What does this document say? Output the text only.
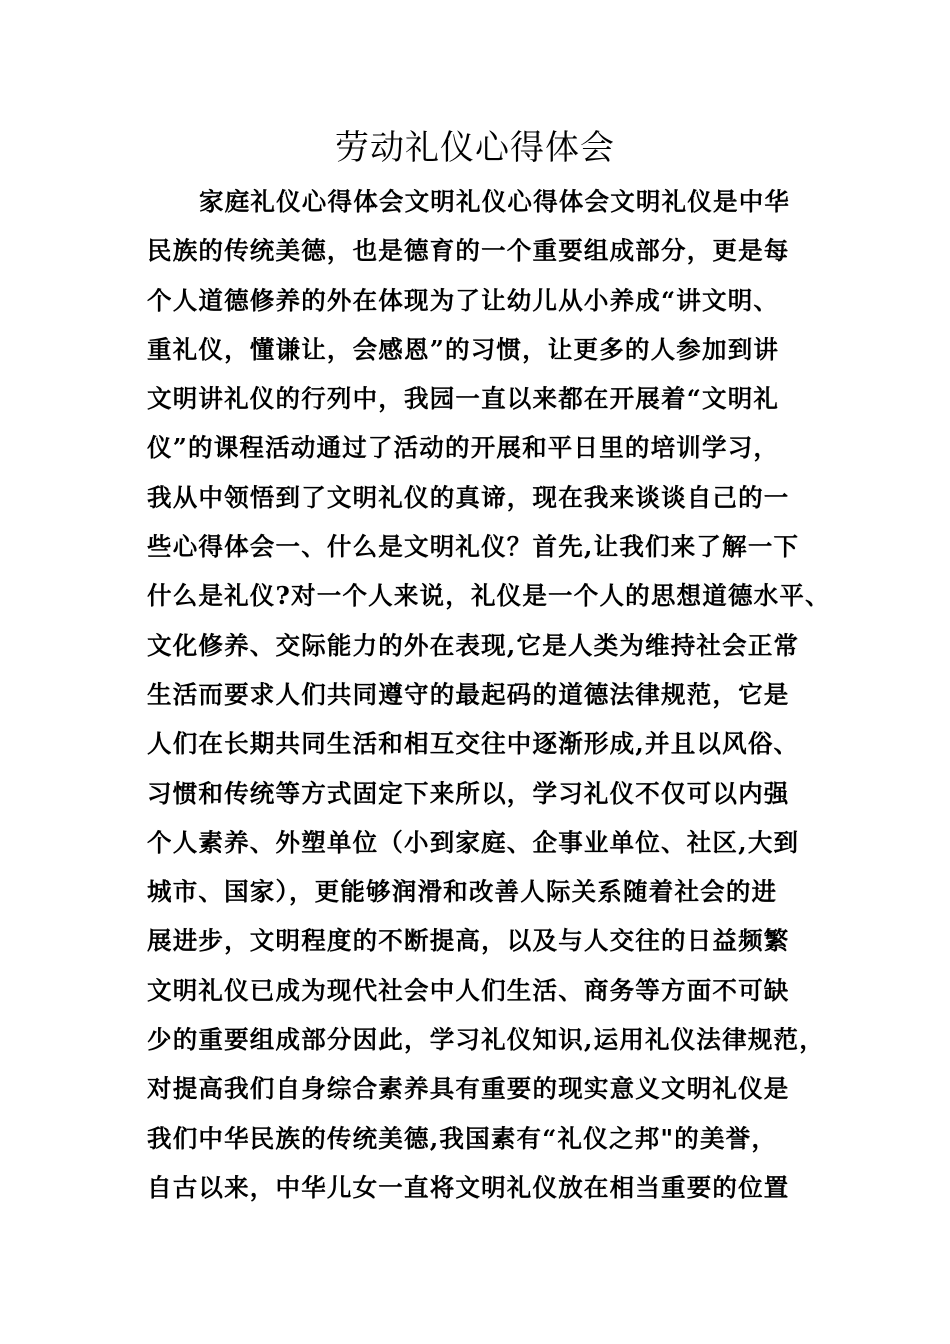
劳动礼仪心得体会
家庭礼仪心得体会文明礼仪心得体会文明礼仪是中华
民族的传统美德，也是德育的一个重要组成部分，更是每
个人道德修养的外在体现为了让幼儿从小养成“讲文明、
重礼仪，懂谦让，会感恩”的习惯，让更多的人参加到讲
文明讲礼仪的行列中，我园一直以来都在开展着“文明礼
仪”的课程活动通过了活动的开展和平日里的培训学习，
我从中领悟到了文明礼仪的真谛，现在我来谈谈自己的一
些心得体会一、什么是文明礼仪？首先,让我们来了解一下
什么是礼仪?对一个人来说，礼仪是一个人的思想道德水平、
文化修养、交际能力的外在表现,它是人类为维持社会正常
生活而要求人们共同遵守的最起码的道德法律规范，它是
人们在长期共同生活和相互交往中逐渐形成,并且以风俗、
习惯和传统等方式固定下来所以，学习礼仪不仅可以内强
个人素养、外塑单位（小到家庭、企事业单位、社区,大到
城市、国家），更能够润滑和改善人际关系随着社会的进
展进步，文明程度的不断提高，以及与人交往的日益频繁
文明礼仪已成为现代社会中人们生活、商务等方面不可缺
少的重要组成部分因此，学习礼仪知识,运用礼仪法律规范，
对提高我们自身综合素养具有重要的现实意义文明礼仪是
我们中华民族的传统美德,我国素有“礼仪之邦"的美誉，
自古以来，中华儿女一直将文明礼仪放在相当重要的位置
